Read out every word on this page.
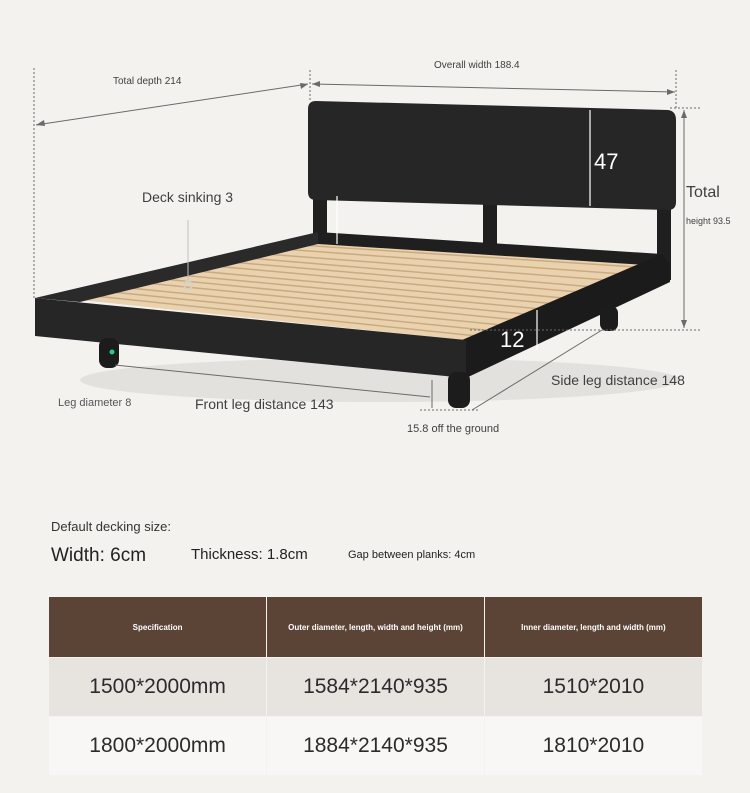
Total depth 214
Overall width 188.4
Deck sinking 3
47
20.8(lower edge to decking)
Total
height 93.5
12
Side leg distance 148
Leg diameter 8	Front leg distance 143
15.8 off the ground
Default decking size:
Width: 6cm	Thickness: 1.8cm	Gap between planks: 4cm
Specification	Outer diameter, length, width and height (mm)	Inner diameter, length and width (mm)
1500*2000mm	1584*2140*935	1510*2010
1800*2000mm	1884*2140*935	1810*2010
